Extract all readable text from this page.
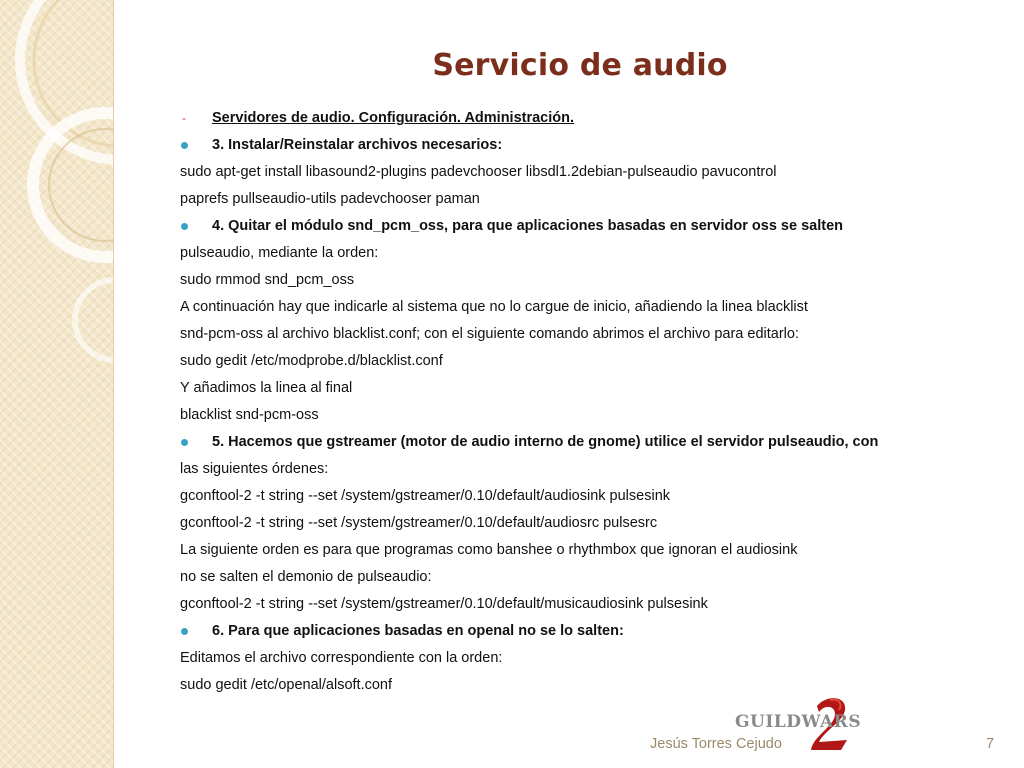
Servicio de audio
-	Servidores de audio. Configuración. Administración.
3. Instalar/Reinstalar archivos necesarios:
sudo apt-get install libasound2-plugins padevchooser libsdl1.2debian-pulseaudio pavucontrol
paprefs pullseaudio-utils padevchooser paman
4. Quitar el módulo snd_pcm_oss, para que aplicaciones basadas en servidor oss se salten
pulseaudio, mediante la orden:
sudo rmmod snd_pcm_oss
A continuación hay que indicarle al sistema que no lo cargue de inicio, añadiendo la linea blacklist
snd-pcm-oss al archivo blacklist.conf; con el siguiente comando abrimos el archivo para editarlo:
sudo gedit /etc/modprobe.d/blacklist.conf
Y añadimos la linea al final
blacklist snd-pcm-oss
5. Hacemos que gstreamer (motor de audio interno de gnome) utilice el servidor pulseaudio, con
las siguientes órdenes:
gconftool-2 -t string --set /system/gstreamer/0.10/default/audiosink pulsesink
gconftool-2 -t string --set /system/gstreamer/0.10/default/audiosrc pulsesrc
La siguiente orden es para que programas como banshee o rhythmbox que ignoran el audiosink
no se salten el demonio de pulseaudio:
gconftool-2 -t string --set /system/gstreamer/0.10/default/musicaudiosink pulsesink
6. Para que aplicaciones basadas en openal no se lo salten:
Editamos el archivo correspondiente con la orden:
sudo gedit /etc/openal/alsoft.conf
GUILDWARS
Jesús Torres Cejudo	7
